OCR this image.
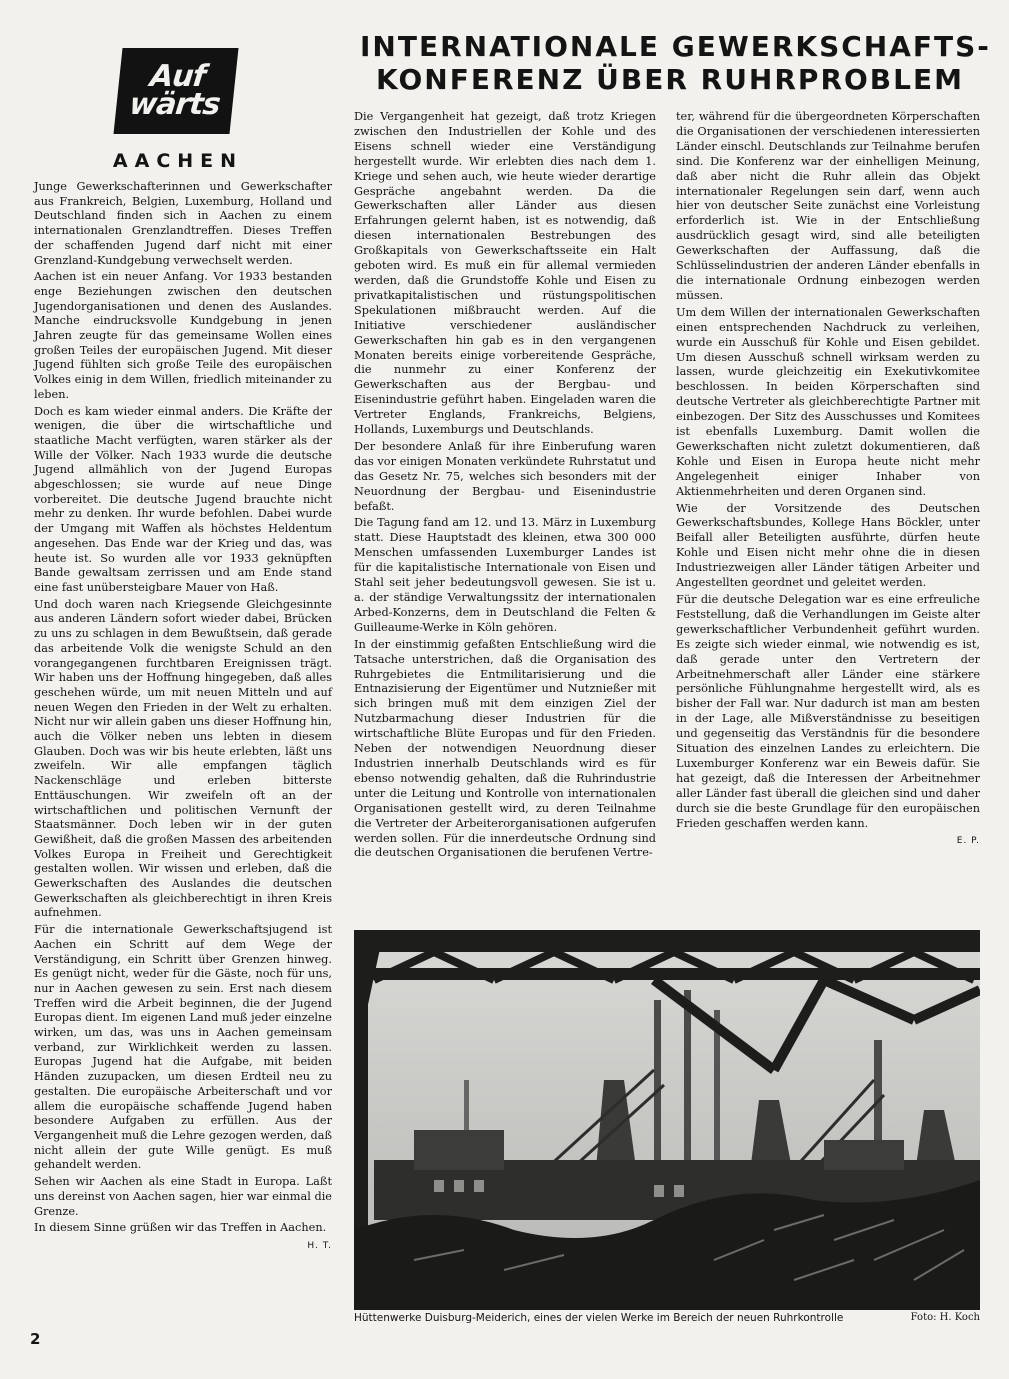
Auf
wärts
AACHEN
INTERNATIONALE GEWERKSCHAFTS-
KONFERENZ ÜBER RUHRPROBLEM

Junge Gewerkschafterinnen und Gewerkschafter aus Frankreich, Belgien, Luxemburg, Holland und Deutschland finden sich in Aachen zu einem internationalen Grenzlandtreffen. Dieses Treffen der schaffenden Jugend darf nicht mit einer Grenzland-Kundgebung verwechselt werden.

Aachen ist ein neuer Anfang. Vor 1933 bestanden enge Beziehungen zwischen den deutschen Jugendorganisationen und denen des Auslandes. Manche eindrucksvolle Kundgebung in jenen Jahren zeugte für das gemeinsame Wollen eines großen Teiles der europäischen Jugend. Mit dieser Jugend fühlten sich große Teile des europäischen Volkes einig in dem Willen, friedlich miteinander zu leben.

Doch es kam wieder einmal anders. Die Kräfte der wenigen, die über die wirtschaftliche und staatliche Macht verfügten, waren stärker als der Wille der Völker. Nach 1933 wurde die deutsche Jugend allmählich von der Jugend Europas abgeschlossen; sie wurde auf neue Dinge vorbereitet. Die deutsche Jugend brauchte nicht mehr zu denken. Ihr wurde befohlen. Dabei wurde der Umgang mit Waffen als höchstes Heldentum angesehen. Das Ende war der Krieg und das, was heute ist. So wurden alle vor 1933 geknüpften Bande gewaltsam zerrissen und am Ende stand eine fast unübersteigbare Mauer von Haß.

Und doch waren nach Kriegsende Gleichgesinnte aus anderen Ländern sofort wieder dabei, Brücken zu uns zu schlagen in dem Bewußtsein, daß gerade das arbeitende Volk die wenigste Schuld an den vorangegangenen furchtbaren Ereignissen trägt. Wir haben uns der Hoffnung hingegeben, daß alles geschehen würde, um mit neuen Mitteln und auf neuen Wegen den Frieden in der Welt zu erhalten. Nicht nur wir allein gaben uns dieser Hoffnung hin, auch die Völker neben uns lebten in diesem Glauben. Doch was wir bis heute erlebten, läßt uns zweifeln. Wir alle empfangen täglich Nackenschläge und erleben bitterste Enttäuschungen. Wir zweifeln oft an der wirtschaftlichen und politischen Vernunft der Staatsmänner. Doch leben wir in der guten Gewißheit, daß die großen Massen des arbeitenden Volkes Europa in Freiheit und Gerechtigkeit gestalten wollen. Wir wissen und erleben, daß die Gewerkschaften des Auslandes die deutschen Gewerkschaften als gleichberechtigt in ihren Kreis aufnehmen.

Für die internationale Gewerkschaftsjugend ist Aachen ein Schritt auf dem Wege der Verständigung, ein Schritt über Grenzen hinweg. Es genügt nicht, weder für die Gäste, noch für uns, nur in Aachen gewesen zu sein. Erst nach diesem Treffen wird die Arbeit beginnen, die der Jugend Europas dient. Im eigenen Land muß jeder einzelne wirken, um das, was uns in Aachen gemeinsam verband, zur Wirklichkeit werden zu lassen. Europas Jugend hat die Aufgabe, mit beiden Händen zuzupacken, um diesen Erdteil neu zu gestalten. Die europäische Arbeiterschaft und vor allem die europäische schaffende Jugend haben besondere Aufgaben zu erfüllen. Aus der Vergangenheit muß die Lehre gezogen werden, daß nicht allein der gute Wille genügt. Es muß gehandelt werden.

Sehen wir Aachen als eine Stadt in Europa. Laßt uns dereinst von Aachen sagen, hier war einmal die Grenze.

In diesem Sinne grüßen wir das Treffen in Aachen.
H. T.

Die Vergangenheit hat gezeigt, daß trotz Kriegen zwischen den Industriellen der Kohle und des Eisens schnell wieder eine Verständigung hergestellt wurde. Wir erlebten dies nach dem 1. Kriege und sehen auch, wie heute wieder derartige Gespräche angebahnt werden. Da die Gewerkschaften aller Länder aus diesen Erfahrungen gelernt haben, ist es notwendig, daß diesen internationalen Bestrebungen des Großkapitals von Gewerkschaftsseite ein Halt geboten wird. Es muß ein für allemal vermieden werden, daß die Grundstoffe Kohle und Eisen zu privatkapitalistischen und rüstungspolitischen Spekulationen mißbraucht werden. Auf die Initiative verschiedener ausländischer Gewerkschaften hin gab es in den vergangenen Monaten bereits einige vorbereitende Gespräche, die nunmehr zu einer Konferenz der Gewerkschaften aus der Bergbau- und Eisenindustrie geführt haben. Eingeladen waren die Vertreter Englands, Frankreichs, Belgiens, Hollands, Luxemburgs und Deutschlands.

Der besondere Anlaß für ihre Einberufung waren das vor einigen Monaten verkündete Ruhrstatut und das Gesetz Nr. 75, welches sich besonders mit der Neuordnung der Bergbau- und Eisenindustrie befaßt.

Die Tagung fand am 12. und 13. März in Luxemburg statt. Diese Hauptstadt des kleinen, etwa 300 000 Menschen umfassenden Luxemburger Landes ist für die kapitalistische Internationale von Eisen und Stahl seit jeher bedeutungsvoll gewesen. Sie ist u. a. der ständige Verwaltungssitz der internationalen Arbed-Konzerns, dem in Deutschland die Felten & Guilleaume-Werke in Köln gehören.

In der einstimmig gefaßten Entschließung wird die Tatsache unterstrichen, daß die Organisation des Ruhrgebietes die Entmilitarisierung und die Entnazisierung der Eigentümer und Nutznießer mit sich bringen muß mit dem einzigen Ziel der Nutzbarmachung dieser Industrien für die wirtschaftliche Blüte Europas und für den Frieden. Neben der notwendigen Neuordnung dieser Industrien innerhalb Deutschlands wird es für ebenso notwendig gehalten, daß die Ruhrindustrie unter die Leitung und Kontrolle von internationalen Organisationen gestellt wird, zu deren Teilnahme die Vertreter der Arbeiterorganisationen aufgerufen werden sollen. Für die innerdeutsche Ordnung sind die deutschen Organisationen die berufenen Vertre-

ter, während für die übergeordneten Körperschaften die Organisationen der verschiedenen interessierten Länder einschl. Deutschlands zur Teilnahme berufen sind. Die Konferenz war der einhelligen Meinung, daß aber nicht die Ruhr allein das Objekt internationaler Regelungen sein darf, wenn auch hier von deutscher Seite zunächst eine Vorleistung erforderlich ist. Wie in der Entschließung ausdrücklich gesagt wird, sind alle beteiligten Gewerkschaften der Auffassung, daß die Schlüsselindustrien der anderen Länder ebenfalls in die internationale Ordnung einbezogen werden müssen.

Um dem Willen der internationalen Gewerkschaften einen entsprechenden Nachdruck zu verleihen, wurde ein Ausschuß für Kohle und Eisen gebildet. Um diesen Ausschuß schnell wirksam werden zu lassen, wurde gleichzeitig ein Exekutivkomitee beschlossen. In beiden Körperschaften sind deutsche Vertreter als gleichberechtigte Partner mit einbezogen. Der Sitz des Ausschusses und Komitees ist ebenfalls Luxemburg. Damit wollen die Gewerkschaften nicht zuletzt dokumentieren, daß Kohle und Eisen in Europa heute nicht mehr Angelegenheit einiger Inhaber von Aktienmehrheiten und deren Organen sind.

Wie der Vorsitzende des Deutschen Gewerkschaftsbundes, Kollege Hans Böckler, unter Beifall aller Beteiligten ausführte, dürfen heute Kohle und Eisen nicht mehr ohne die in diesen Industriezweigen aller Länder tätigen Arbeiter und Angestellten geordnet und geleitet werden.

Für die deutsche Delegation war es eine erfreuliche Feststellung, daß die Verhandlungen im Geiste alter gewerkschaftlicher Verbundenheit geführt wurden. Es zeigte sich wieder einmal, wie notwendig es ist, daß gerade unter den Vertretern der Arbeitnehmerschaft aller Länder eine stärkere persönliche Fühlungnahme hergestellt wird, als es bisher der Fall war. Nur dadurch ist man am besten in der Lage, alle Mißverständnisse zu beseitigen und gegenseitig das Verständnis für die besondere Situation des einzelnen Landes zu erleichtern. Die Luxemburger Konferenz war ein Beweis dafür. Sie hat gezeigt, daß die Interessen der Arbeitnehmer aller Länder fast überall die gleichen sind und daher durch sie die beste Grundlage für den europäischen Frieden geschaffen werden kann.

E. P.
Foto: H. Koch
Hüttenwerke Duisburg-Meiderich, eines der vielen Werke im Bereich der neuen Ruhrkontrolle
2
